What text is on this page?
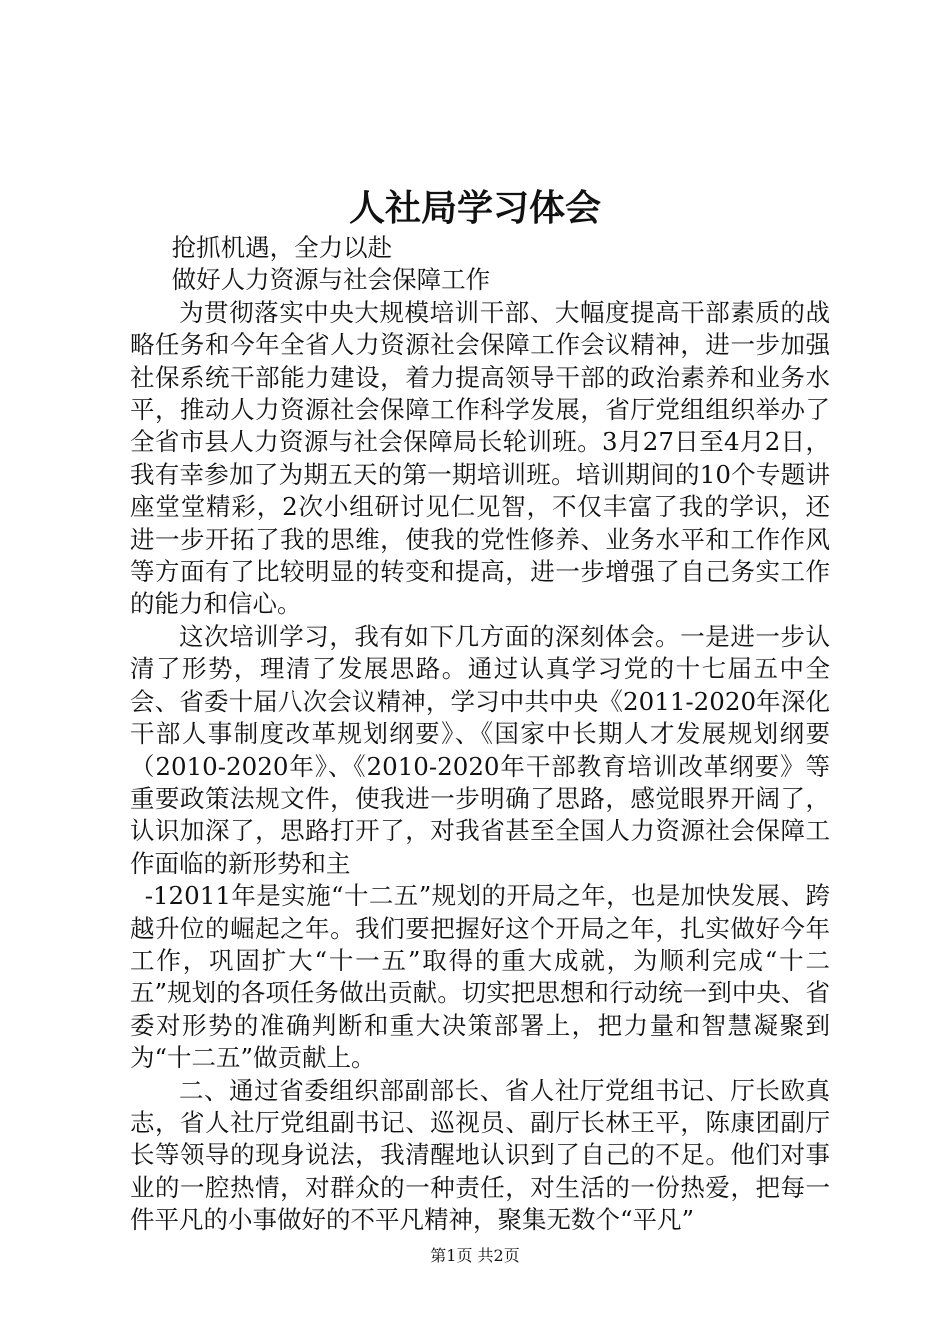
人社局学习体会

抢抓机遇，全力以赴

做好人力资源与社会保障工作

为贯彻落实中央大规模培训干部、大幅度提高干部素质的战略任务和今年全省人力资源社会保障工作会议精神，进一步加强社保系统干部能力建设，着力提高领导干部的政治素养和业务水平，推动人力资源社会保障工作科学发展，省厅党组组织举办了全省市县人力资源与社会保障局长轮训班。3月27日至4月2日，我有幸参加了为期五天的第一期培训班。培训期间的10个专题讲座堂堂精彩，2次小组研讨见仁见智，不仅丰富了我的学识，还进一步开拓了我的思维，使我的党性修养、业务水平和工作作风等方面有了比较明显的转变和提高，进一步增强了自己务实工作的能力和信心。

这次培训学习，我有如下几方面的深刻体会。一是进一步认清了形势，理清了发展思路。通过认真学习党的十七届五中全会、省委十届八次会议精神，学习中共中央《2011-2020年深化干部人事制度改革规划纲要》、《国家中长期人才发展规划纲要（2010-2020年》、《2010-2020年干部教育培训改革纲要》等重要政策法规文件，使我进一步明确了思路，感觉眼界开阔了，认识加深了，思路打开了，对我省甚至全国人力资源社会保障工作面临的新形势和主

-12011年是实施“十二五”规划的开局之年，也是加快发展、跨越升位的崛起之年。我们要把握好这个开局之年，扎实做好今年工作，巩固扩大“十一五”取得的重大成就，为顺利完成“十二五”规划的各项任务做出贡献。切实把思想和行动统一到中央、省委对形势的准确判断和重大决策部署上，把力量和智慧凝聚到为“十二五”做贡献上。

二、通过省委组织部副部长、省人社厅党组书记、厅长欧真志，省人社厅党组副书记、巡视员、副厅长林王平，陈康团副厅长等领导的现身说法，我清醒地认识到了自己的不足。他们对事业的一腔热情，对群众的一种责任，对生活的一份热爱，把每一件平凡的小事做好的不平凡精神，聚集无数个“平凡”

第1页 共2页
